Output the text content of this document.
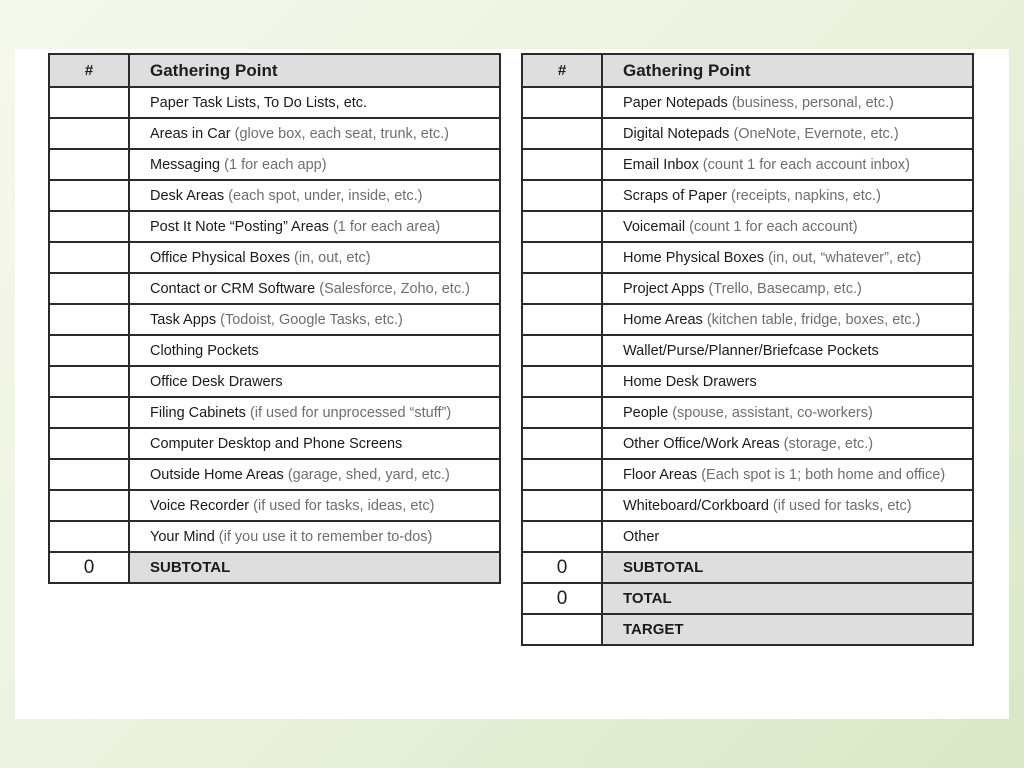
#	Gathering Point
	Paper Task Lists, To Do Lists, etc.
	Areas in Car (glove box, each seat, trunk, etc.)
	Messaging (1 for each app)
	Desk Areas (each spot, under, inside, etc.)
	Post It Note “Posting” Areas (1 for each area)
	Office Physical Boxes (in, out, etc)
	Contact or CRM Software (Salesforce, Zoho, etc.)
	Task Apps (Todoist, Google Tasks, etc.)
	Clothing Pockets
	Office Desk Drawers
	Filing Cabinets (if used for unprocessed “stuff”)
	Computer Desktop and Phone Screens
	Outside Home Areas (garage, shed, yard, etc.)
	Voice Recorder (if used for tasks, ideas, etc)
	Your Mind (if you use it to remember to-dos)
0	SUBTOTAL
#	Gathering Point
	Paper Notepads (business, personal, etc.)
	Digital Notepads (OneNote, Evernote, etc.)
	Email Inbox (count 1 for each account inbox)
	Scraps of Paper (receipts, napkins, etc.)
	Voicemail (count 1 for each account)
	Home Physical Boxes (in, out, “whatever”, etc)
	Project Apps (Trello, Basecamp, etc.)
	Home Areas (kitchen table, fridge, boxes, etc.)
	Wallet/Purse/Planner/Briefcase Pockets
	Home Desk Drawers
	People (spouse, assistant, co-workers)
	Other Office/Work Areas (storage, etc.)
	Floor Areas (Each spot is 1; both home and office)
	Whiteboard/Corkboard (if used for tasks, etc)
	Other
0	SUBTOTAL
0	TOTAL
	TARGET
